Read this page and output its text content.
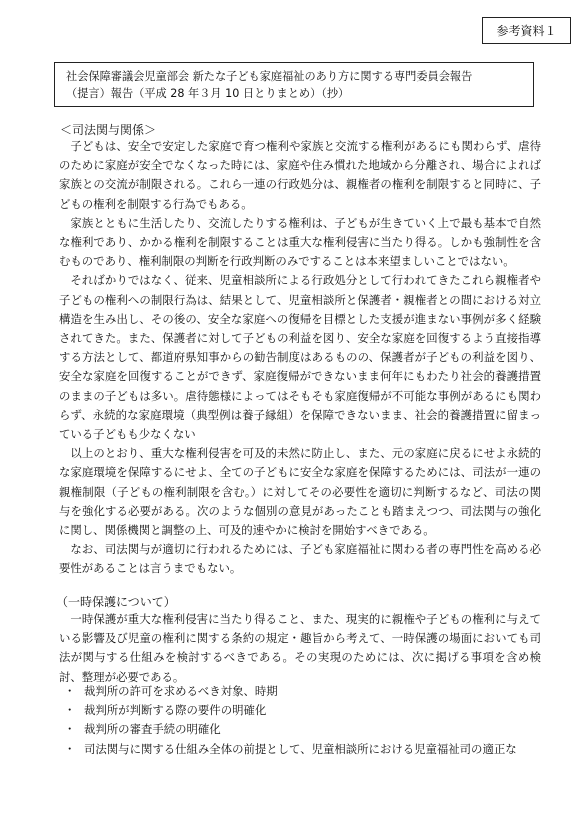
参考資料１
社会保障審議会児童部会 新たな子ども家庭福祉のあり方に関する専門委員会報告
（提言）報告（平成 28 年３月 10 日とりまとめ）（抄）
＜司法関与関係＞

子どもは、安全で安定した家庭で育つ権利や家族と交流する権利があるにも関わらず、虐待のために家庭が安全でなくなった時には、家庭や住み慣れた地域から分離され、場合によれば家族との交流が制限される。これら一連の行政処分は、親権者の権利を制限すると同時に、子どもの権利を制限する行為でもある。

家族とともに生活したり、交流したりする権利は、子どもが生きていく上で最も基本で自然な権利であり、かかる権利を制限することは重大な権利侵害に当たり得る。しかも強制性を含むものであり、権利制限の判断を行政判断のみですることは本来望ましいことではない。

そればかりではなく、従来、児童相談所による行政処分として行われてきたこれら親権者や子どもの権利への制限行為は、結果として、児童相談所と保護者・親権者との間における対立構造を生み出し、その後の、安全な家庭への復帰を目標とした支援が進まない事例が多く経験されてきた。また、保護者に対して子どもの利益を図り、安全な家庭を回復するよう直接指導する方法として、都道府県知事からの勧告制度はあるものの、保護者が子どもの利益を図り、安全な家庭を回復することができず、家庭復帰ができないまま何年にもわたり社会的養護措置のままの子どもは多い。虐待態様によってはそもそも家庭復帰が不可能な事例があるにも関わらず、永続的な家庭環境（典型例は養子縁組）を保障できないまま、社会的養護措置に留まっている子どもも少なくない

以上のとおり、重大な権利侵害を可及的未然に防止し、また、元の家庭に戻るにせよ永続的な家庭環境を保障するにせよ、全ての子どもに安全な家庭を保障するためには、司法が一連の親権制限（子どもの権利制限を含む。）に対してその必要性を適切に判断するなど、司法の関与を強化する必要がある。次のような個別の意見があったことも踏まえつつ、司法関与の強化に関し、関係機関と調整の上、可及的速やかに検討を開始すべきである。

なお、司法関与が適切に行われるためには、子ども家庭福祉に関わる者の専門性を高める必要性があることは言うまでもない。

（一時保護について）

一時保護が重大な権利侵害に当たり得ること、また、現実的に親権や子どもの権利に与えている影響及び児童の権利に関する条約の規定・趣旨から考えて、一時保護の場面においても司法が関与する仕組みを検討するべきである。その実現のためには、次に掲げる事項を含め検討、整理が必要である。

・ 裁判所の許可を求めるべき対象、時期
・ 裁判所が判断する際の要件の明確化
・ 裁判所の審査手続の明確化
・ 司法関与に関する仕組み全体の前提として、児童相談所における児童福祉司の適正な
